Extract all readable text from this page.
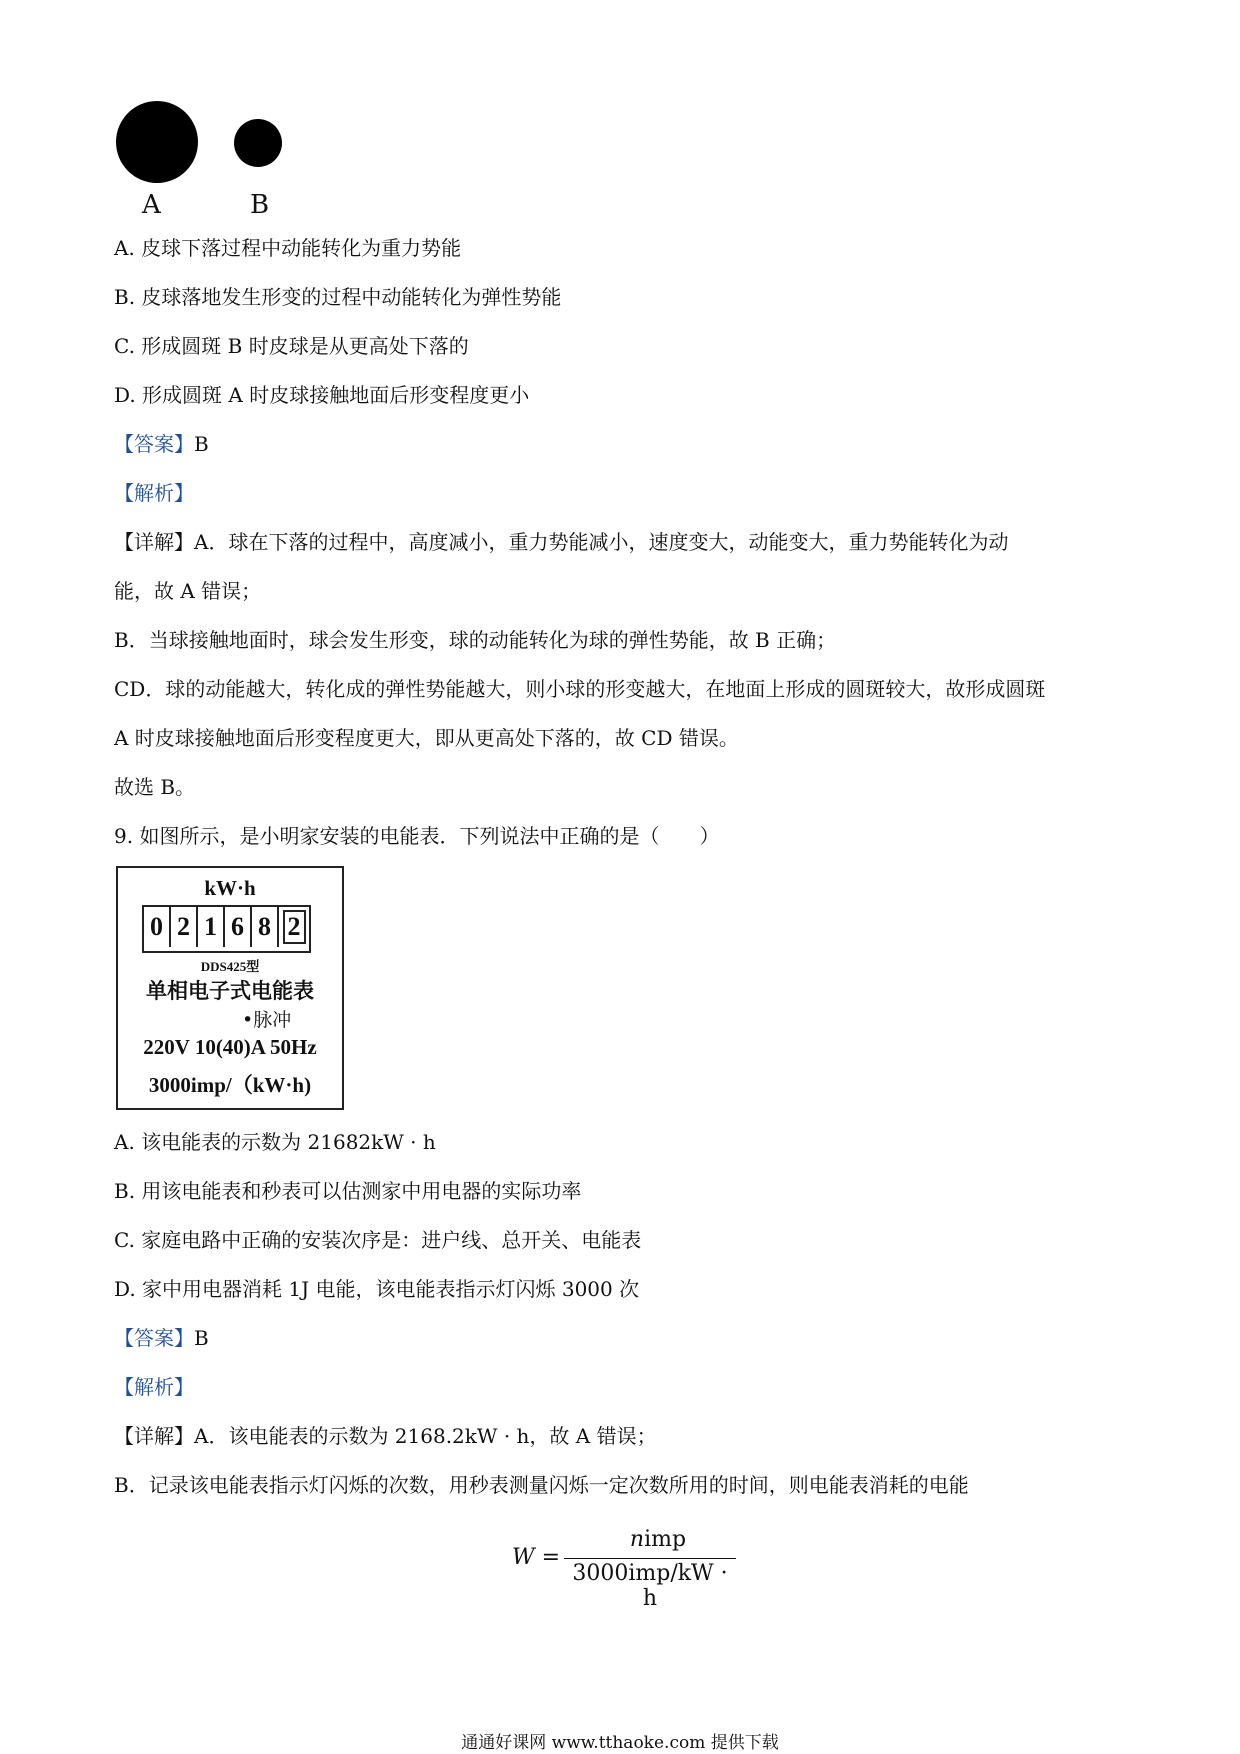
A	B
A. 皮球下落过程中动能转化为重力势能
B. 皮球落地发生形变的过程中动能转化为弹性势能
C. 形成圆斑 B 时皮球是从更高处下落的
D. 形成圆斑 A 时皮球接触地面后形变程度更小
【答案】B
【解析】
【详解】A．球在下落的过程中，高度减小，重力势能减小，速度变大，动能变大，重力势能转化为动
能，故 A 错误；
B．当球接触地面时，球会发生形变，球的动能转化为球的弹性势能，故 B 正确；
CD．球的动能越大，转化成的弹性势能越大，则小球的形变越大，在地面上形成的圆斑较大，故形成圆斑
A 时皮球接触地面后形变程度更大，即从更高处下落的，故 CD 错误。
故选 B。
9. 如图所示，是小明家安装的电能表．下列说法中正确的是（　　）
kW·h
0 2 1 6 8 2
DDS425型
单相电子式电能表
•脉冲
220V 10(40)A 50Hz
3000imp/（kW·h)
A. 该电能表的示数为 21682kW · h
B. 用该电能表和秒表可以估测家中用电器的实际功率
C. 家庭电路中正确的安装次序是：进户线、总开关、电能表
D. 家中用电器消耗 1J 电能，该电能表指示灯闪烁 3000 次
【答案】B
【解析】
【详解】A．该电能表的示数为 2168.2kW · h，故 A 错误；
B．记录该电能表指示灯闪烁的次数，用秒表测量闪烁一定次数所用的时间，则电能表消耗的电能
W =
nimp
3000imp/kW · h
通通好课网 www.tthaoke.com 提供下载
